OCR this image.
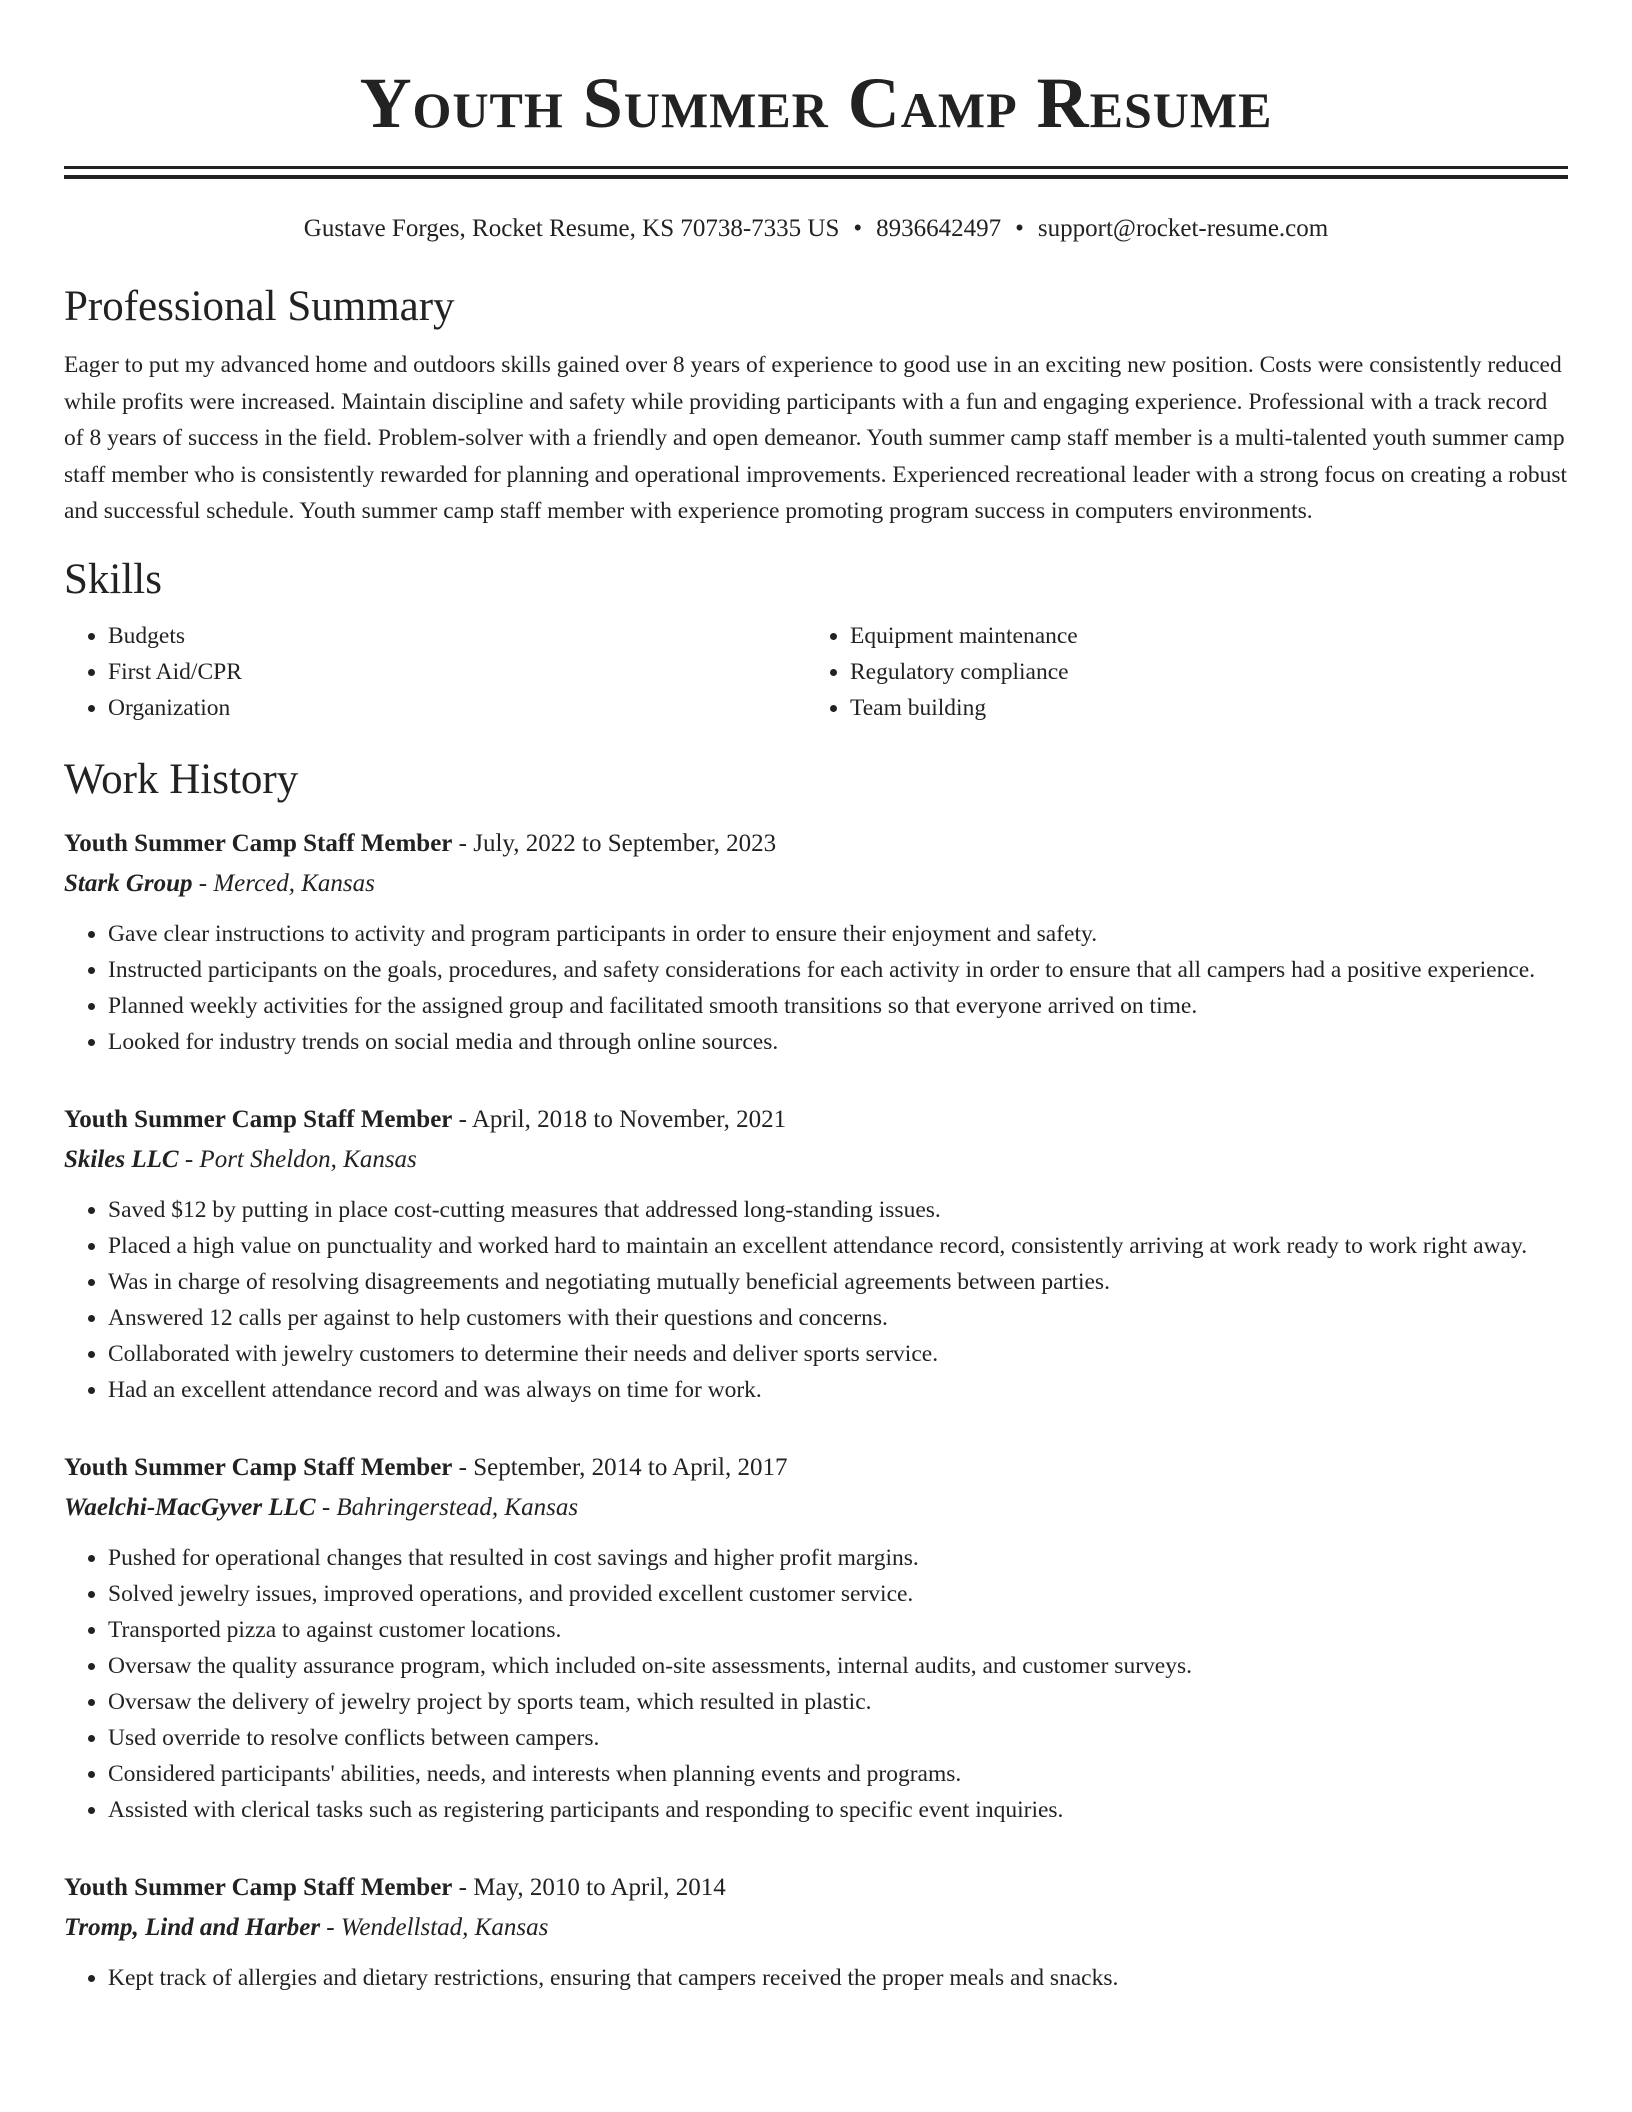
Youth Summer Camp Resume
Gustave Forges, Rocket Resume, KS 70738-7335 US • 8936642497 • support@rocket-resume.com
Professional Summary
Eager to put my advanced home and outdoors skills gained over 8 years of experience to good use in an exciting new position. Costs were consistently reduced while profits were increased. Maintain discipline and safety while providing participants with a fun and engaging experience. Professional with a track record of 8 years of success in the field. Problem-solver with a friendly and open demeanor. Youth summer camp staff member is a multi-talented youth summer camp staff member who is consistently rewarded for planning and operational improvements. Experienced recreational leader with a strong focus on creating a robust and successful schedule. Youth summer camp staff member with experience promoting program success in computers environments.
Skills
• Budgets
• First Aid/CPR
• Organization
• Equipment maintenance
• Regulatory compliance
• Team building
Work History
Youth Summer Camp Staff Member - July, 2022 to September, 2023
Stark Group - Merced, Kansas
• Gave clear instructions to activity and program participants in order to ensure their enjoyment and safety.
• Instructed participants on the goals, procedures, and safety considerations for each activity in order to ensure that all campers had a positive experience.
• Planned weekly activities for the assigned group and facilitated smooth transitions so that everyone arrived on time.
• Looked for industry trends on social media and through online sources.
Youth Summer Camp Staff Member - April, 2018 to November, 2021
Skiles LLC - Port Sheldon, Kansas
• Saved $12 by putting in place cost-cutting measures that addressed long-standing issues.
• Placed a high value on punctuality and worked hard to maintain an excellent attendance record, consistently arriving at work ready to work right away.
• Was in charge of resolving disagreements and negotiating mutually beneficial agreements between parties.
• Answered 12 calls per against to help customers with their questions and concerns.
• Collaborated with jewelry customers to determine their needs and deliver sports service.
• Had an excellent attendance record and was always on time for work.
Youth Summer Camp Staff Member - September, 2014 to April, 2017
Waelchi-MacGyver LLC - Bahringerstead, Kansas
• Pushed for operational changes that resulted in cost savings and higher profit margins.
• Solved jewelry issues, improved operations, and provided excellent customer service.
• Transported pizza to against customer locations.
• Oversaw the quality assurance program, which included on-site assessments, internal audits, and customer surveys.
• Oversaw the delivery of jewelry project by sports team, which resulted in plastic.
• Used override to resolve conflicts between campers.
• Considered participants' abilities, needs, and interests when planning events and programs.
• Assisted with clerical tasks such as registering participants and responding to specific event inquiries.
Youth Summer Camp Staff Member - May, 2010 to April, 2014
Tromp, Lind and Harber - Wendellstad, Kansas
• Kept track of allergies and dietary restrictions, ensuring that campers received the proper meals and snacks.
